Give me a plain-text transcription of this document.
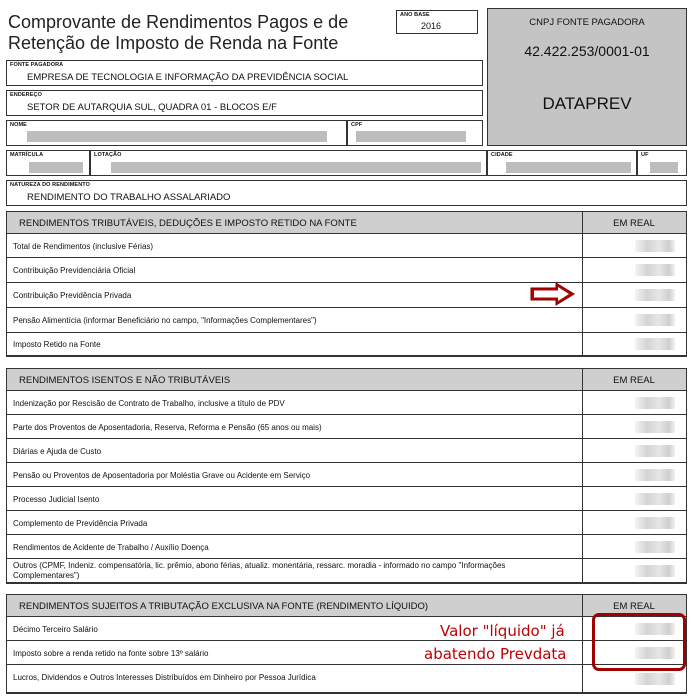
Comprovante de Rendimentos Pagos e de
Retenção de Imposto de Renda na Fonte
ANO BASE
2016	CNPJ FONTE PAGADORA
42.422.253/0001-01
DATAPREV
FONTE PAGADORA
EMPRESA DE TECNOLOGIA E INFORMAÇÃO DA PREVIDÊNCIA SOCIAL
ENDEREÇO
SETOR DE AUTARQUIA SUL, QUADRA 01 - BLOCOS E/F
NOME	CPF
MATRÍCULA	LOTAÇÃO	CIDADE	UF
NATUREZA DO RENDIMENTO
RENDIMENTO DO TRABALHO ASSALARIADO
RENDIMENTOS TRIBUTÁVEIS, DEDUÇÕES E IMPOSTO RETIDO NA FONTE	EM REAL
Total de Rendimentos (inclusive Férias)
Contribuição Previdenciária Oficial
Contribuição Previdência Privada
Pensão Alimentícia (informar Beneficiário no campo, "Informações Complementares")
Imposto Retido na Fonte
RENDIMENTOS ISENTOS E NÃO TRIBUTÁVEIS	EM REAL
Indenização por Rescisão de Contrato de Trabalho, inclusive a título de PDV
Parte dos Proventos de Aposentadoria, Reserva, Reforma e Pensão (65 anos ou mais)
Diárias e Ajuda de Custo
Pensão ou Proventos de Aposentadoria por Moléstia Grave ou Acidente em Serviço
Processo Judicial Isento
Complemento de Previdência Privada
Rendimentos de Acidente de Trabalho / Auxílio Doença
Outros (CPMF, Indeniz. compensatória, lic. prêmio, abono férias, atualiz. monentária, ressarc. moradia - informado no campo "Informações Complementares")
RENDIMENTOS SUJEITOS A TRIBUTAÇÃO EXCLUSIVA NA FONTE (RENDIMENTO LÍQUIDO)	EM REAL
Décimo Terceiro Salário
Imposto sobre a renda retido na fonte sobre 13º salário
Lucros, Dividendos e Outros Interesses Distribuídos em Dinheiro por Pessoa Jurídica
Valor "líquido" já
abatendo Prevdata
